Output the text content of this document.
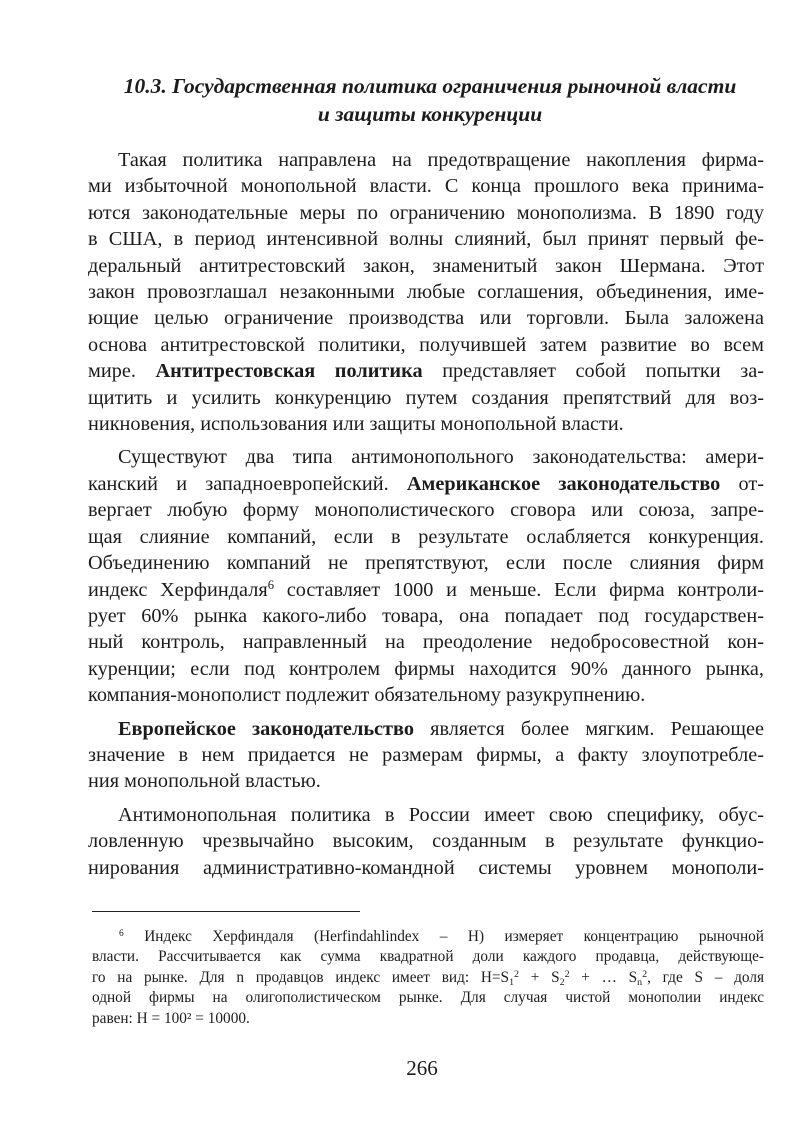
10.3. Государственная политика ограничения рыночной власти
и защиты конкуренции
Такая политика направлена на предотвращение накопления фирма-
ми избыточной монопольной власти. С конца прошлого века принима-
ются законодательные меры по ограничению монополизма. В 1890 году
в США, в период интенсивной волны слияний, был принят первый фе-
деральный антитрестовский закон, знаменитый закон Шермана. Этот
закон провозглашал незаконными любые соглашения, объединения, име-
ющие целью ограничение производства или торговли. Была заложена
основа антитрестовской политики, получившей затем развитие во всем
мире. Антитрестовская политика представляет собой попытки за-
щитить и усилить конкуренцию путем создания препятствий для воз-
никновения, использования или защиты монопольной власти.
Существуют два типа антимонопольного законодательства: амери-
канский и западноевропейский. Американское законодательство от-
вергает любую форму монополистического сговора или союза, запре-
щая слияние компаний, если в результате ослабляется конкуренция.
Объединению компаний не препятствуют, если после слияния фирм
индекс Херфиндаля$^6$ составляет 1000 и меньше. Если фирма контроли-
рует 60% рынка какого-либо товара, она попадает под государствен-
ный контроль, направленный на преодоление недобросовестной кон-
куренции; если под контролем фирмы находится 90% данного рынка,
компания-монополист подлежит обязательному разукрупнению.
Европейское законодательство является более мягким. Решающее
значение в нем придается не размерам фирмы, а факту злоупотребле-
ния монопольной властью.
Антимонопольная политика в России имеет свою специфику, обус-
ловленную чрезвычайно высоким, созданным в результате функцио-
нирования административно-командной системы уровнем монополи-
$^6$ Индекс Херфиндаля (Herfindahlindex – H) измеряет концентрацию рыночной
власти. Рассчитывается как сумма квадратной доли каждого продавца, действующе-
го на рынке. Для n продавцов индекс имеет вид: $H=S1^2 + S2^2$ + … Sn$^2$, где S – доля
одной фирмы на олигополистическом рынке. Для случая чистой монополии индекс
равен: H = 100² = 10000.
266
